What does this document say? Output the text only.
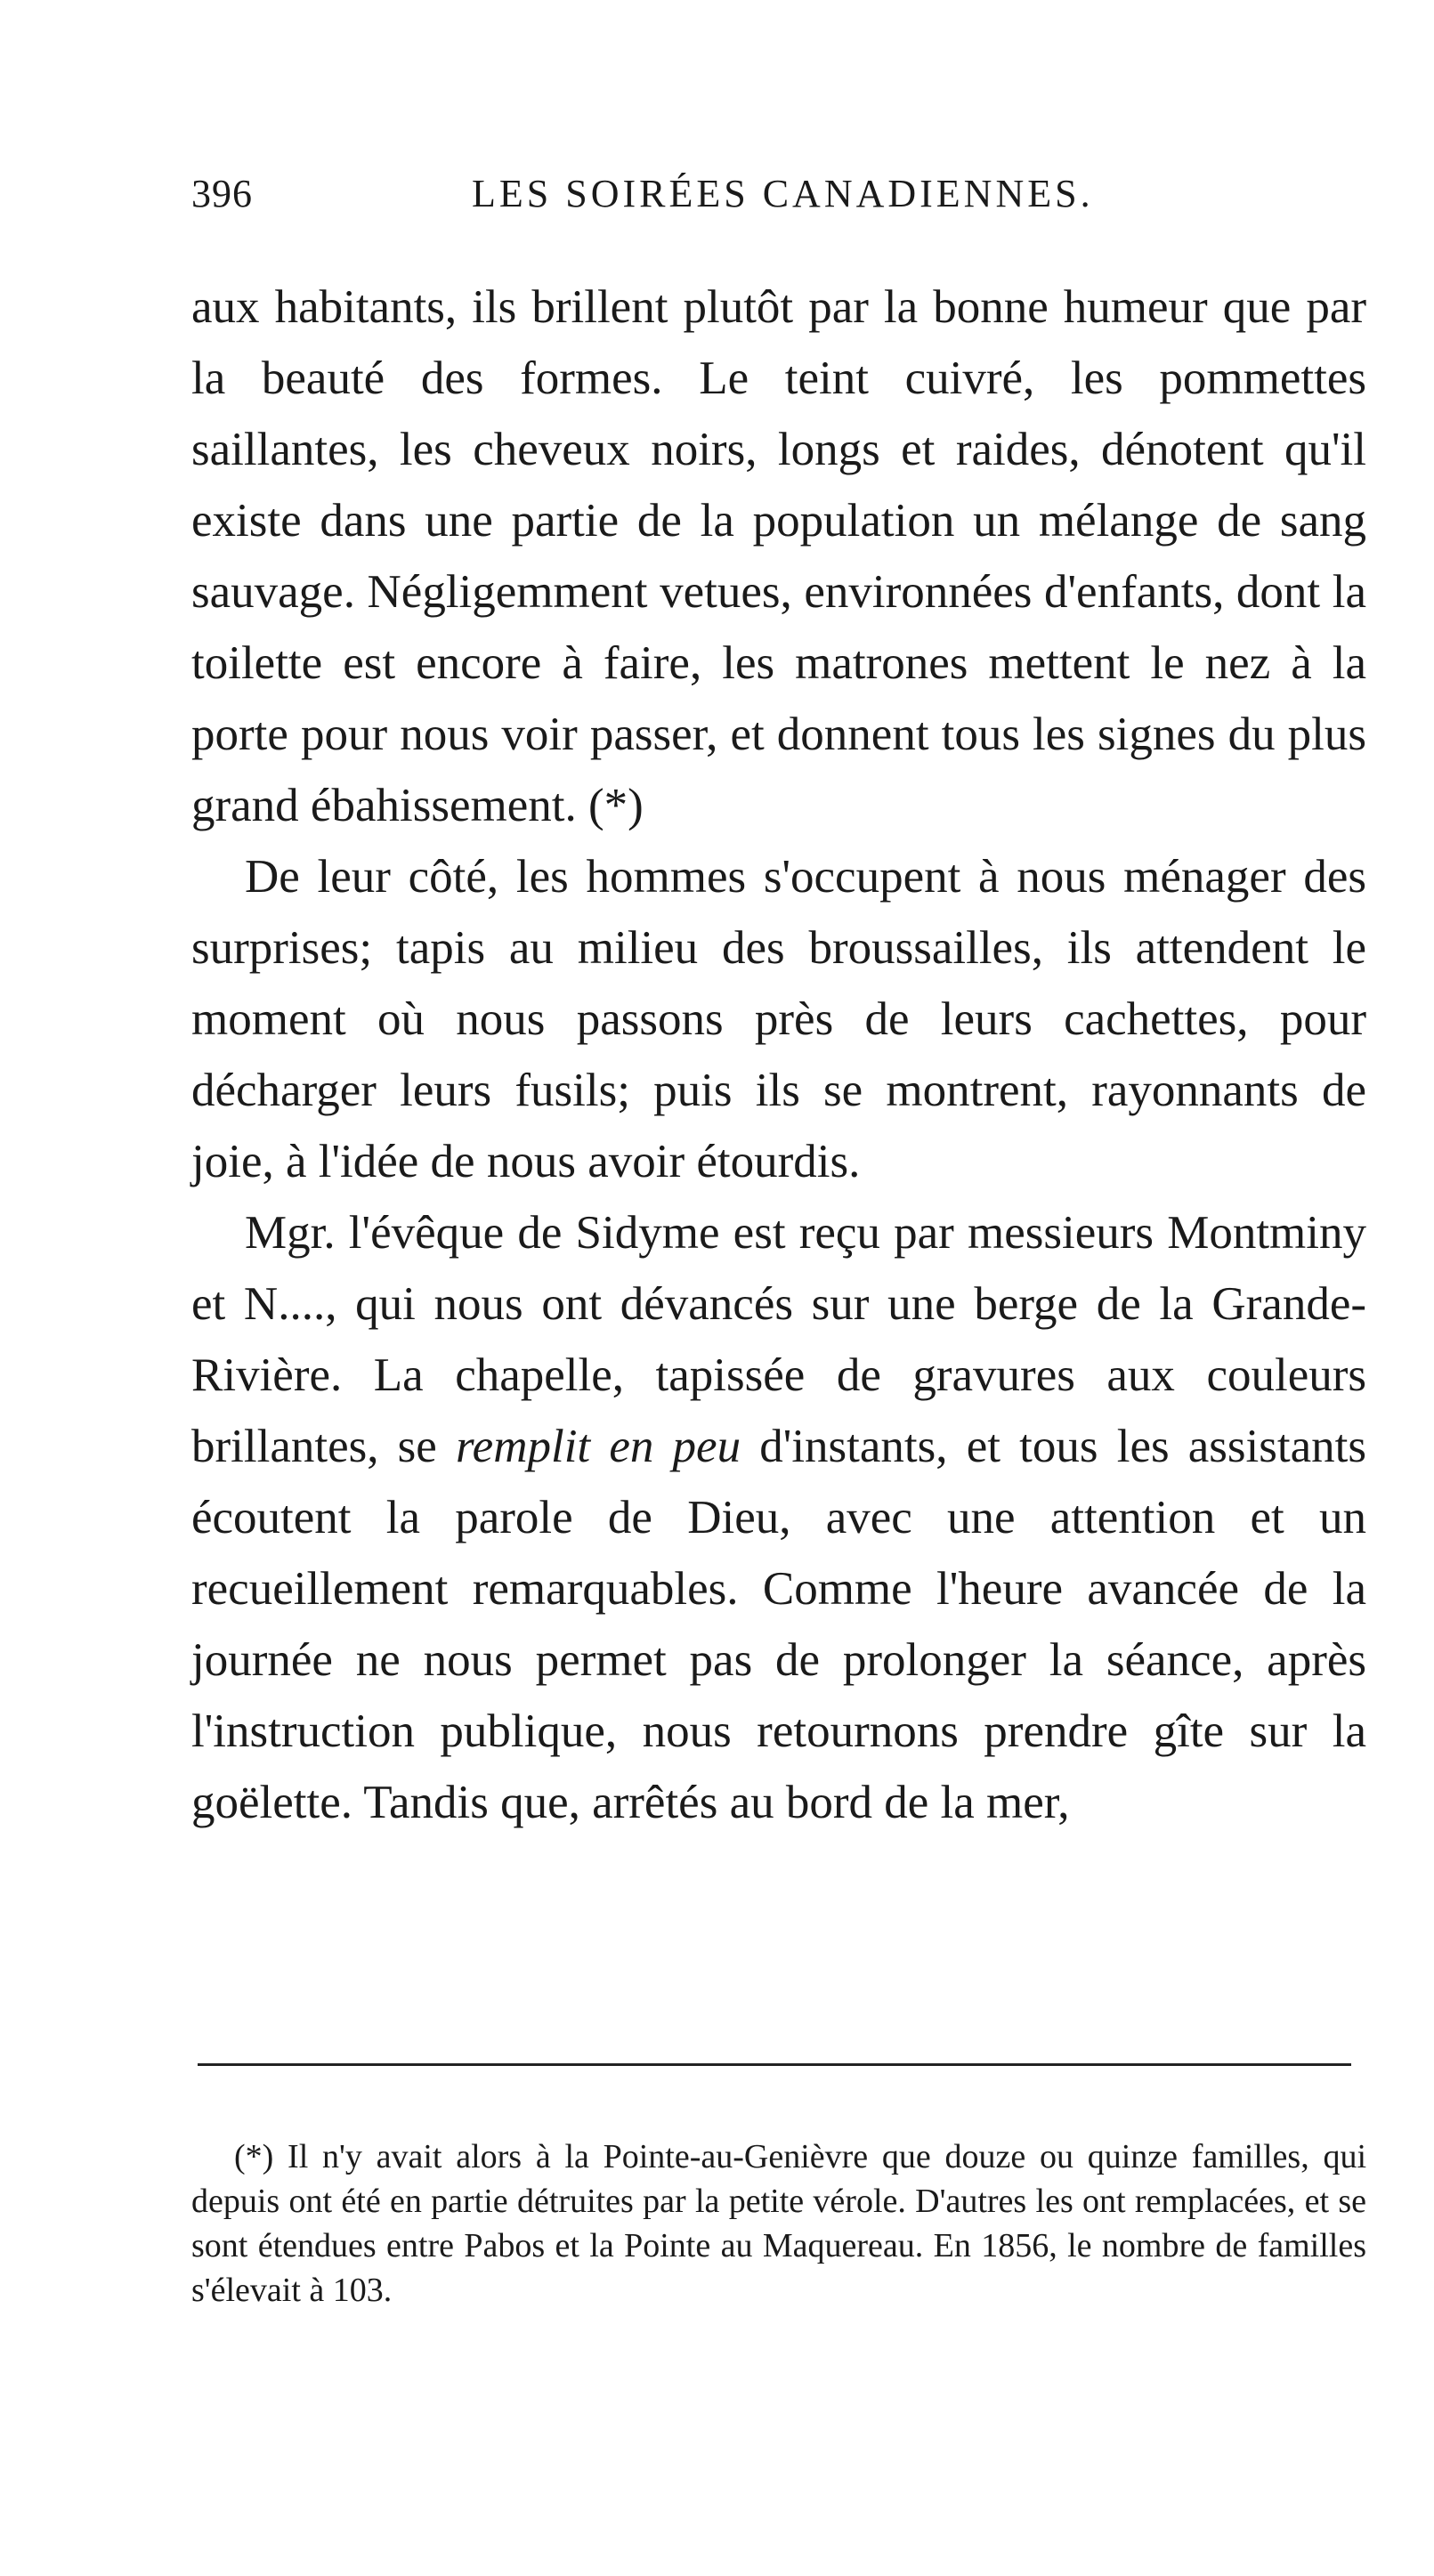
396	LES SOIRÉES CANADIENNES.

aux habitants, ils brillent plutôt par la bonne humeur que par la beauté des formes. Le teint cuivré, les pommettes saillantes, les cheveux noirs, longs et raides, dénotent qu'il existe dans une partie de la population un mélange de sang sauvage. Négligemment vetues, environnées d'enfants, dont la toilette est encore à faire, les matrones mettent le nez à la porte pour nous voir passer, et donnent tous les signes du plus grand ébahissement. (*)

De leur côté, les hommes s'occupent à nous ménager des surprises; tapis au milieu des broussailles, ils attendent le moment où nous passons près de leurs cachettes, pour décharger leurs fusils; puis ils se montrent, rayonnants de joie, à l'idée de nous avoir étourdis.

Mgr. l'évêque de Sidyme est reçu par messieurs Montminy et N...., qui nous ont dévancés sur une berge de la Grande-Rivière. La chapelle, tapissée de gravures aux couleurs brillantes, se remplit en peu d'instants, et tous les assistants écoutent la parole de Dieu, avec une attention et un recueillement remarquables. Comme l'heure avancée de la journée ne nous permet pas de prolonger la séance, après l'instruction publique, nous retournons prendre gîte sur la goëlette. Tandis que, arrêtés au bord de la mer,

(*) Il n'y avait alors à la Pointe-au-Genièvre que douze ou quinze familles, qui depuis ont été en partie détruites par la petite vérole. D'autres les ont remplacées, et se sont étendues entre Pabos et la Pointe au Maquereau. En 1856, le nombre de familles s'élevait à 103.
